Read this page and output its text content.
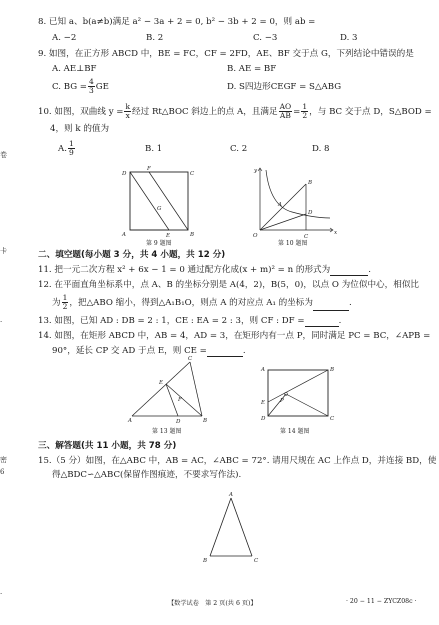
卷
卡
·
密
6
·
8. 已知 a、b(a≠b)满足 a² − 3a + 2 = 0, b² − 3b + 2 = 0，则 ab =
A. −2	B. 2	C. −3	D. 3
9. 如图，在正方形 ABCD 中，BE = FC，CF = 2FD，AE、BF 交于点 G，下列结论中错误的是
A. AE⊥BF	B. AE = BF
C. BG = $\frac{4}{3}$ GE	D. S四边形CEGF = S△ABG
10. 如图，双曲线 $y = \frac{k}{x}$ 经过 Rt△BOC 斜边上的点 A，且满足 $\frac{AO}{AB} = \frac{1}{2}$ ，与 BC 交于点 D，S△BOD =
4，则 k 的值为
A. $\frac{1}{9}$	B. 1	C. 2	D. 8
D
F
C
G
A	E	B
第 9 题图
y
x
O
B
A
D
C
第 10 题图
二、填空题(每小题 3 分，共 4 小题，共 12 分)
11. 把一元二次方程 x² + 6x − 1 = 0 通过配方化成(x + m)² = n 的形式为	.
12. 在平面直角坐标系中，点 A、B 的坐标分别是 A(4，2)，B(5，0)，以点 O 为位似中心，相似比
为 $\frac{1}{2}$ ，把△ABO 缩小，得到△A₁B₁O，则点 A 的对应点 A₁ 的坐标为	.
13. 如图，已知 AD : DB = 2 : 1，CE : EA = 2 : 3，则 CF : DF =	.
14. 如图，在矩形 ABCD 中，AB = 4，AD = 3，在矩形内有一点 P，同时满足 PC = BC，∠APB =
90°，延长 CP 交 AD 于点 E，则 CE =	.
C
E
F
A	D	B
第 13 题图
A	B
E	P
D	C
第 14 题图
三、解答题(共 11 小题，共 78 分)
15.（5 分）如图，在△ABC 中，AB = AC，∠ABC = 72°. 请用尺规在 AC 上作点 D，并连接 BD，使
得△BDC∽△ABC(保留作图痕迹，不要求写作法).
A
B	C
【数学试卷　第 2 页(共 6 页)】	· 20 − 11 − ZYCZ08c ·
